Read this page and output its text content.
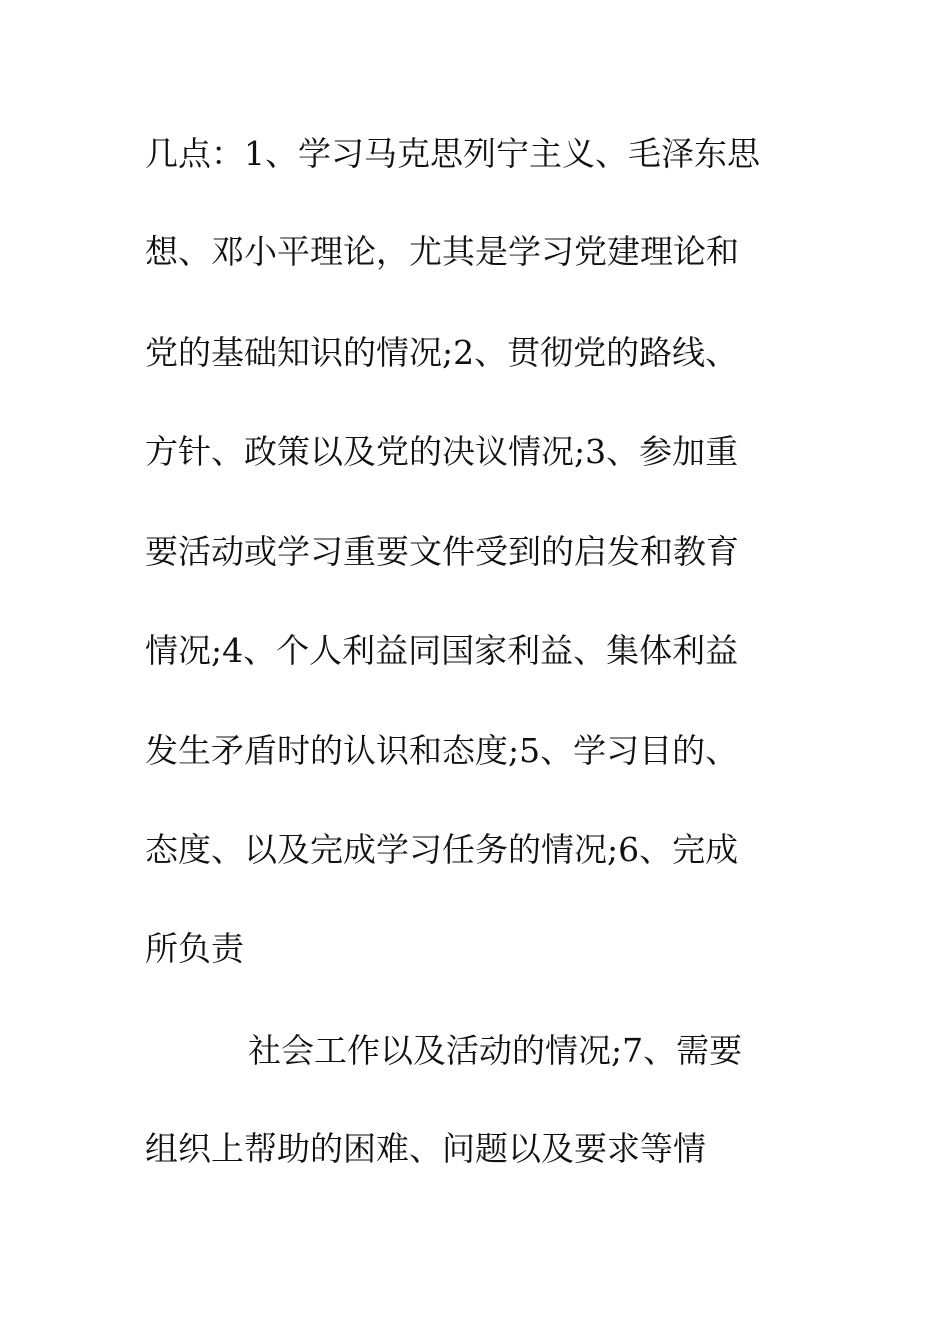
几点：1、学习马克思列宁主义、毛泽东思
想、邓小平理论，尤其是学习党建理论和
党的基础知识的情况;2、贯彻党的路线、
方针、政策以及党的决议情况;3、参加重
要活动或学习重要文件受到的启发和教育
情况;4、个人利益同国家利益、集体利益
发生矛盾时的认识和态度;5、学习目的、
态度、以及完成学习任务的情况;6、完成
所负责
社会工作以及活动的情况;7、需要
组织上帮助的困难、问题以及要求等情
